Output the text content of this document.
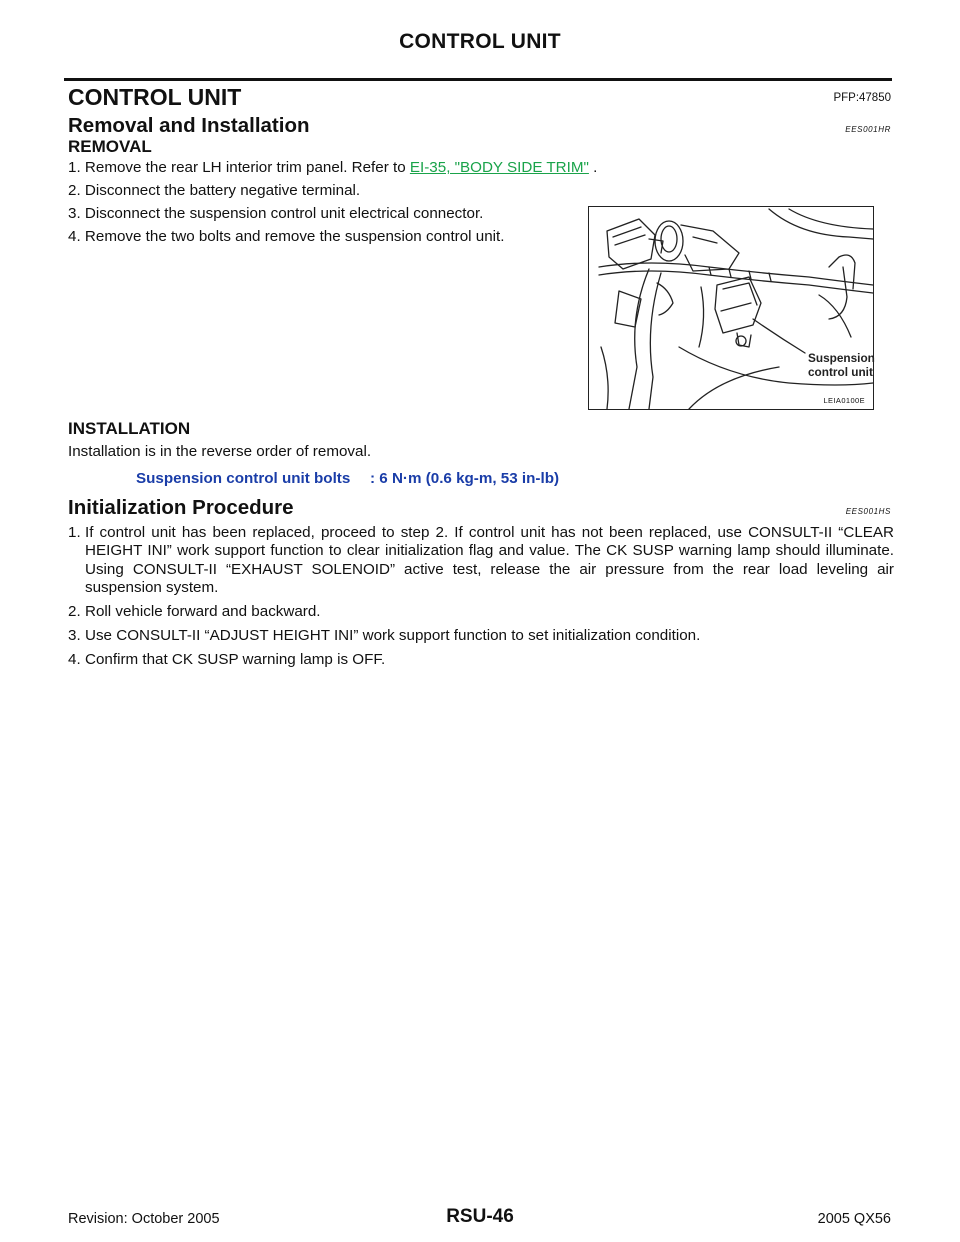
CONTROL UNIT
CONTROL UNIT	PFP:47850
Removal and Installation	EES001HR
REMOVAL
1. Remove the rear LH interior trim panel. Refer to EI-35, "BODY SIDE TRIM" .
2. Disconnect the battery negative terminal.
3. Disconnect the suspension control unit electrical connector.
4. Remove the two bolts and remove the suspension control unit.
Suspension
control unit
LEIA0100E
INSTALLATION
Installation is in the reverse order of removal.
Suspension control unit bolts : 6 N·m (0.6 kg-m, 53 in-lb)
Initialization Procedure	EES001HS
1. If control unit has been replaced, proceed to step 2. If control unit has not been replaced, use CONSULT-II “CLEAR HEIGHT INI” work support function to clear initialization flag and value. The CK SUSP warning lamp should illuminate. Using CONSULT-II “EXHAUST SOLENOID” active test, release the air pressure from the rear load leveling air suspension system.
2. Roll vehicle forward and backward.
3. Use CONSULT-II “ADJUST HEIGHT INI” work support function to set initialization condition.
4. Confirm that CK SUSP warning lamp is OFF.
Revision: October 2005	RSU-46	2005 QX56
